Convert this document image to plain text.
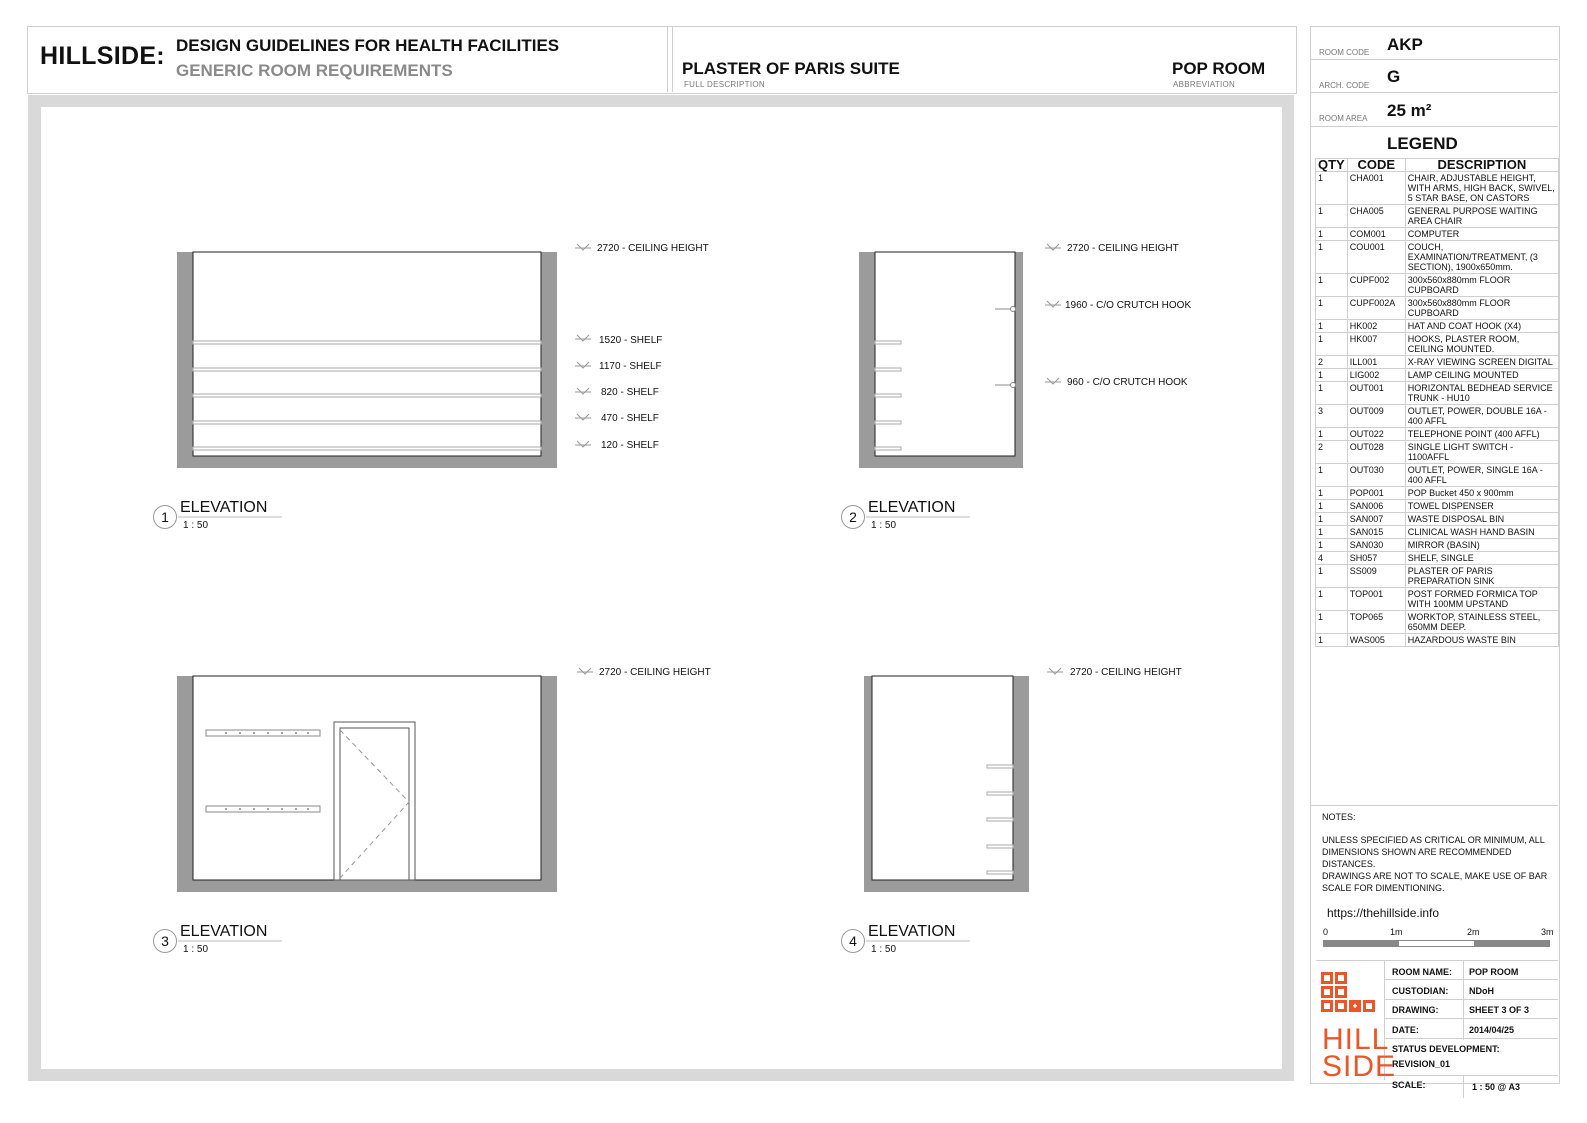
HILLSIDE: DESIGN GUIDELINES FOR HEALTH FACILITIES
GENERIC ROOM REQUIREMENTS	PLASTER OF PARIS SUITE
FULL DESCRIPTION
POP ROOM
ABBREVIATION
2720 - CEILING HEIGHT
1520 - SHELF
1170 - SHELF
820 - SHELF
470 - SHELF
120 - SHELF
2720 - CEILING HEIGHT
1960 - C/O CRUTCH HOOK
960 - C/O CRUTCH HOOK
2720 - CEILING HEIGHT	2720 - CEILING HEIGHT
1
ELEVATION
1 : 50
2
ELEVATION
1 : 50
3
ELEVATION
1 : 50
4
ELEVATION
1 : 50
ROOM CODE AKP
ARCH. CODE G
ROOM AREA 25 m²
LEGEND
QTY	CODE	DESCRIPTION
1	CHA001	CHAIR, ADJUSTABLE HEIGHT, WITH ARMS, HIGH BACK, SWIVEL, 5 STAR BASE, ON CASTORS
1	CHA005	GENERAL PURPOSE WAITING AREA CHAIR
1	COM001	COMPUTER
1	COU001	COUCH, EXAMINATION/TREATMENT, (3 SECTION), 1900x650mm.
1	CUPF002	300x560x880mm FLOOR CUPBOARD
1	CUPF002A	300x560x880mm FLOOR CUPBOARD
1	HK002	HAT AND COAT HOOK (X4)
1	HK007	HOOKS, PLASTER ROOM, CEILING MOUNTED.
2	ILL001	X-RAY VIEWING SCREEN DIGITAL
1	LIG002	LAMP CEILING MOUNTED
1	OUT001	HORIZONTAL BEDHEAD SERVICE TRUNK - HU10
3	OUT009	OUTLET, POWER, DOUBLE 16A - 400 AFFL
1	OUT022	TELEPHONE POINT (400 AFFL)
2	OUT028	SINGLE LIGHT SWITCH - 1100AFFL
1	OUT030	OUTLET, POWER, SINGLE 16A - 400 AFFL
1	POP001	POP Bucket 450 x 900mm
1	SAN006	TOWEL DISPENSER
1	SAN007	WASTE DISPOSAL BIN
1	SAN015	CLINICAL WASH HAND BASIN
1	SAN030	MIRROR (BASIN)
4	SH057	SHELF, SINGLE
1	SS009	PLASTER OF PARIS PREPARATION SINK
1	TOP001	POST FORMED FORMICA TOP WITH 100MM UPSTAND
1	TOP065	WORKTOP, STAINLESS STEEL, 650MM DEEP.
1	WAS005	HAZARDOUS WASTE BIN
NOTES:
UNLESS SPECIFIED AS CRITICAL OR MINIMUM, ALL DIMENSIONS SHOWN ARE RECOMMENDED DISTANCES.
DRAWINGS ARE NOT TO SCALE, MAKE USE OF BAR SCALE FOR DIMENTIONING.
https://thehillside.info
0	1m	2m	3m
HILL
SIDE
ROOM NAME: POP ROOM
CUSTODIAN: NDoH
DRAWING:	SHEET 3 OF 3
DATE:	2014/04/25
STATUS DEVELOPMENT:
REVISION_01
SCALE:	1 : 50 @ A3
